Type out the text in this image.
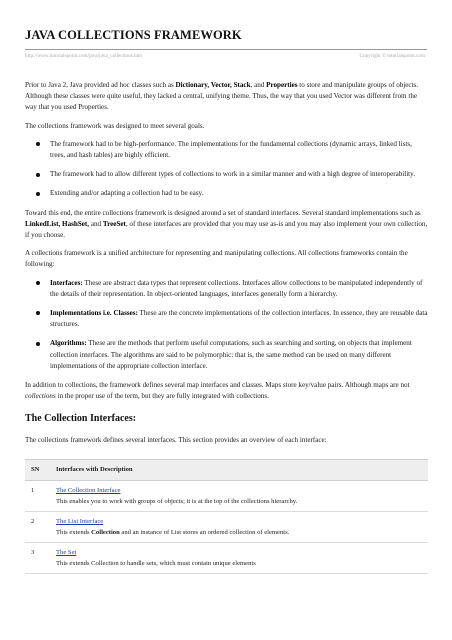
JAVA COLLECTIONS FRAMEWORK
http://www.tutorialspoint.com/java/java_collections.htm	Copyright © tutorialspoint.com

Prior to Java 2, Java provided ad hoc classes such as Dictionary, Vector, Stack, and Properties to store and manipulate groups of objects. Although these classes were quite useful, they lacked a central, unifying theme. Thus, the way that you used Vector was different from the way that you used Properties.

The collections framework was designed to meet several goals.

The framework had to be high-performance. The implementations for the fundamental collections (dynamic arrays, linked lists, trees, and hash tables) are highly efficient.
The framework had to allow different types of collections to work in a similar manner and with a high degree of interoperability.
Extending and/or adapting a collection had to be easy.

Toward this end, the entire collections framework is designed around a set of standard interfaces. Several standard implementations such as LinkedList, HashSet, and TreeSet, of these interfaces are provided that you may use as-is and you may also implement your own collection, if you choose.

A collections framework is a unified architecture for representing and manipulating collections. All collections frameworks contain the following:

Interfaces: These are abstract data types that represent collections. Interfaces allow collections to be manipulated independently of the details of their representation. In object-oriented languages, interfaces generally form a hierarchy.
Implementations i.e. Classes: These are the concrete implementations of the collection interfaces. In essence, they are reusable data structures.
Algorithms: These are the methods that perform useful computations, such as searching and sorting, on objects that implement collection interfaces. The algorithms are said to be polymorphic: that is, the same method can be used on many different implementations of the appropriate collection interface.

In addition to collections, the framework defines several map interfaces and classes. Maps store key/value pairs. Although maps are not collections in the proper use of the term, but they are fully integrated with collections.

The Collection Interfaces:

The collections framework defines several interfaces. This section provides an overview of each interface:

SN	Interfaces with Description
1	The Collection Interface
This enables you to work with groups of objects; it is at the top of the collections hierarchy.
2	The List Interface
This extends Collection and an instance of List stores an ordered collection of elements.
3	The Set
This extends Collection to handle sets, which must contain unique elements
